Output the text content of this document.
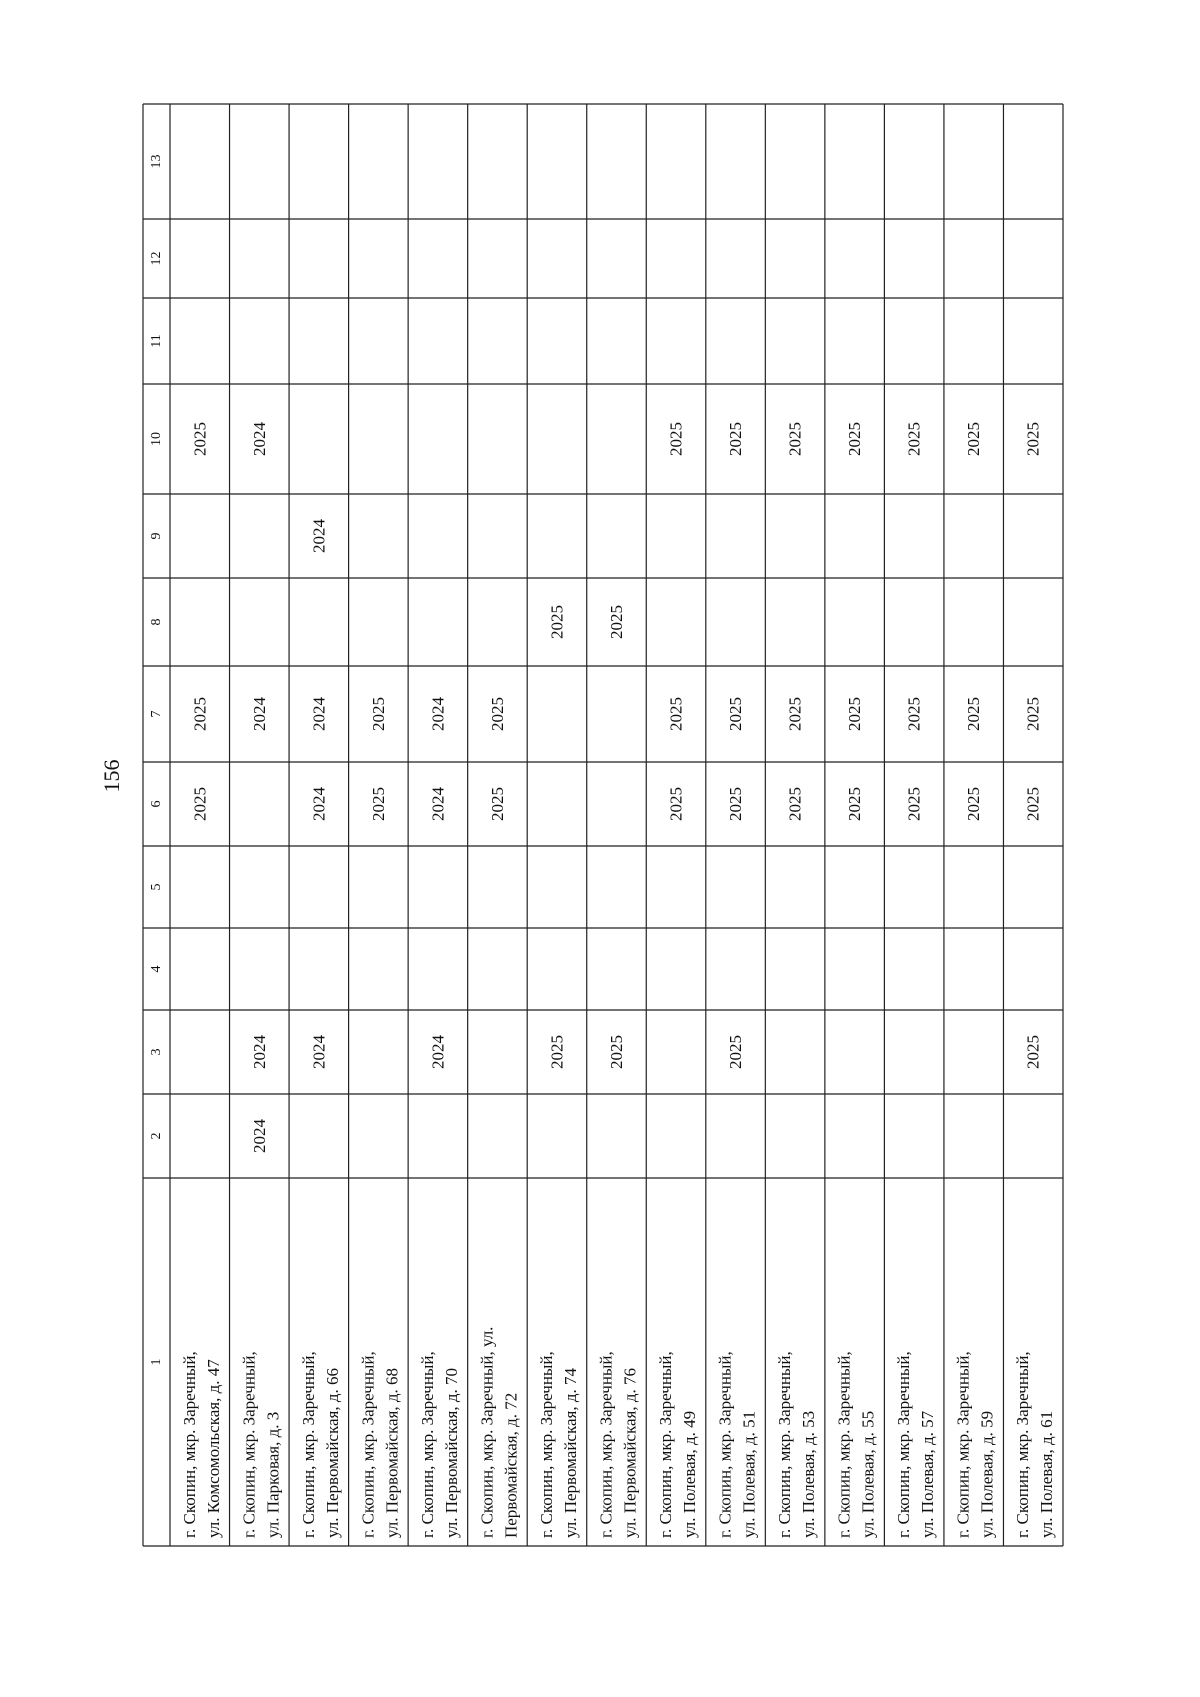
156
1
2
3
4
5
6
7
8
9
10
11
12
13
г. Скопин, мкр. Заречный, ул. Комсомольская, д. 47
2025
2025
2025
г. Скопин, мкр. Заречный, ул. Парковая, д. 3
2024
2024
2024
2024
г. Скопин, мкр. Заречный, ул. Первомайская, д. 66
2024
2024
2024
2024
г. Скопин, мкр. Заречный, ул. Первомайская, д. 68
2025
2025
г. Скопин, мкр. Заречный, ул. Первомайская, д. 70
2024
2024
2024
г. Скопин, мкр. Заречный, ул. Первомайская, д. 72
2025
2025
г. Скопин, мкр. Заречный, ул. Первомайская, д. 74
2025
2025
г. Скопин, мкр. Заречный, ул. Первомайская, д. 76
2025
2025
г. Скопин, мкр. Заречный, ул. Полевая, д. 49
2025
2025
2025
г. Скопин, мкр. Заречный, ул. Полевая, д. 51
2025
2025
2025
2025
г. Скопин, мкр. Заречный, ул. Полевая, д. 53
2025
2025
2025
г. Скопин, мкр. Заречный, ул. Полевая, д. 55
2025
2025
2025
г. Скопин, мкр. Заречный, ул. Полевая, д. 57
2025
2025
2025
г. Скопин, мкр. Заречный, ул. Полевая, д. 59
2025
2025
2025
г. Скопин, мкр. Заречный, ул. Полевая, д. 61
2025
2025
2025
2025
